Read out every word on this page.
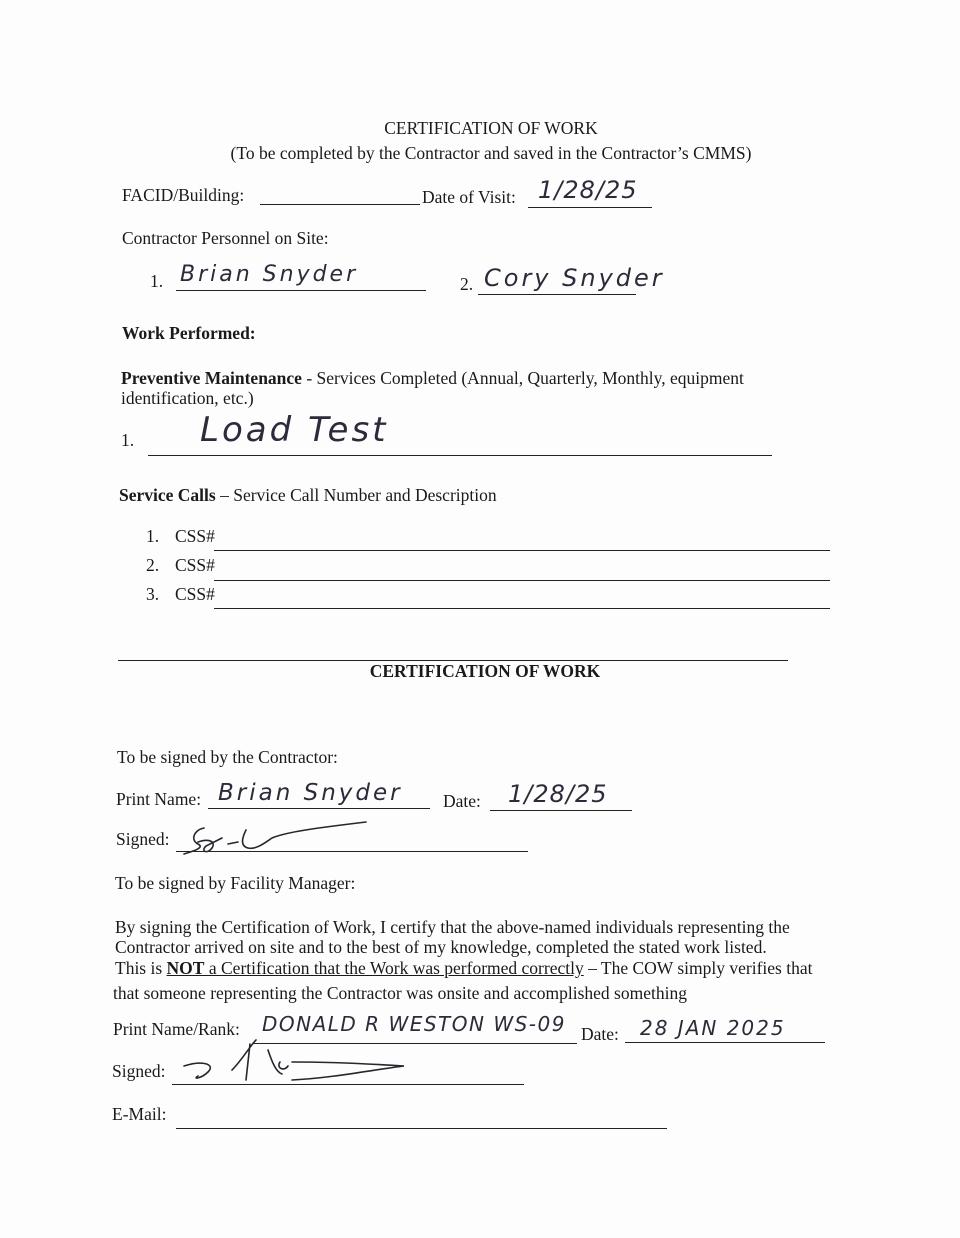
CERTIFICATION OF WORK
(To be completed by the Contractor and saved in the Contractor’s CMMS)
FACID/Building:	Date of Visit: 1/28/25
Contractor Personnel on Site:
1. Brian Snyder	2. Cory Snyder
Work Performed:
Preventive Maintenance - Services Completed (Annual, Quarterly, Monthly, equipment
identification, etc.)
1. Load Test
Service Calls – Service Call Number and Description
1. CSS#
2. CSS#
3. CSS#
CERTIFICATION OF WORK
To be signed by the Contractor:
Print Name: Brian Snyder Date: 1/28/25
Signed:
To be signed by Facility Manager:
By signing the Certification of Work, I certify that the above-named individuals representing the
Contractor arrived on site and to the best of my knowledge, completed the stated work listed.
This is NOT a Certification that the Work was performed correctly – The COW simply verifies that
that someone representing the Contractor was onsite and accomplished something
Print Name/Rank: DONALD R WESTON WS-09 Date: 28 JAN 2025
Signed:
E-Mail:
